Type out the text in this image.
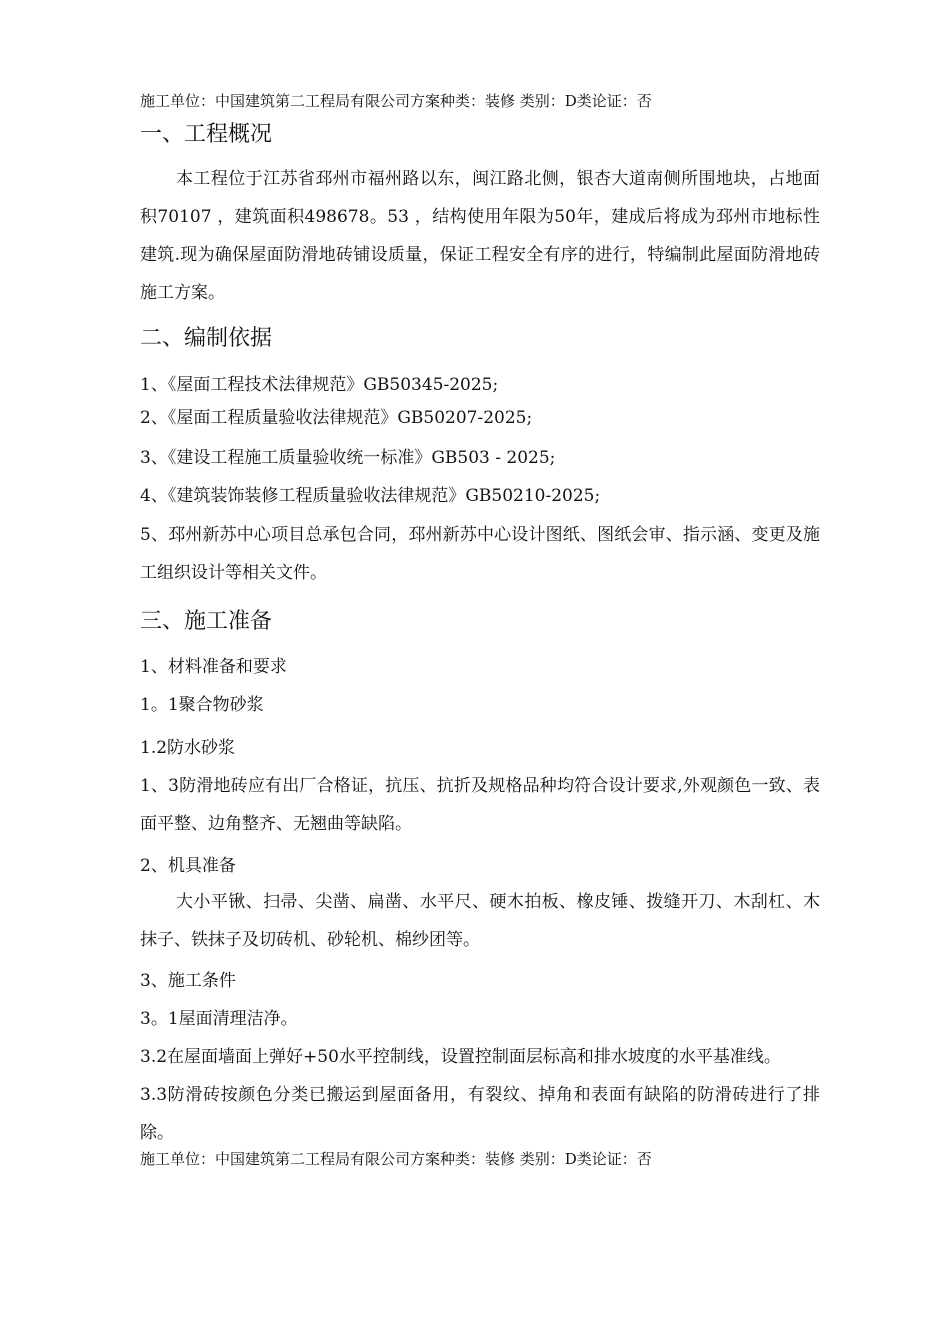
施工单位：中国建筑第二工程局有限公司方案种类：装修 类别：D类论证：否
一、工程概况
本工程位于江苏省邳州市福州路以东，闽江路北侧，银杏大道南侧所围地块，占地面积70107 ，建筑面积498678。53 ，结构使用年限为50年，建成后将成为邳州市地标性建筑.现为确保屋面防滑地砖铺设质量，保证工程安全有序的进行，特编制此屋面防滑地砖施工方案。
二、编制依据
1、《屋面工程技术法律规范》GB50345-2025;
2、《屋面工程质量验收法律规范》GB50207-2025;
3、《建设工程施工质量验收统一标准》GB503 - 2025;
4、《建筑装饰装修工程质量验收法律规范》GB50210-2025;
5、邳州新苏中心项目总承包合同，邳州新苏中心设计图纸、图纸会审、指示涵、变更及施工组织设计等相关文件。
三、施工准备
1、材料准备和要求
1。1聚合物砂浆
1.2防水砂浆
1、3防滑地砖应有出厂合格证，抗压、抗折及规格品种均符合设计要求,外观颜色一致、表面平整、边角整齐、无翘曲等缺陷。
2、机具准备
大小平锹、扫帚、尖凿、扁凿、水平尺、硬木拍板、橡皮锤、拨缝开刀、木刮杠、木抹子、铁抹子及切砖机、砂轮机、棉纱团等。
3、施工条件
3。1屋面清理洁净。
3.2在屋面墙面上弹好+50水平控制线，设置控制面层标高和排水坡度的水平基准线。
3.3防滑砖按颜色分类已搬运到屋面备用，有裂纹、掉角和表面有缺陷的防滑砖进行了排除。
施工单位：中国建筑第二工程局有限公司方案种类：装修 类别：D类论证：否
